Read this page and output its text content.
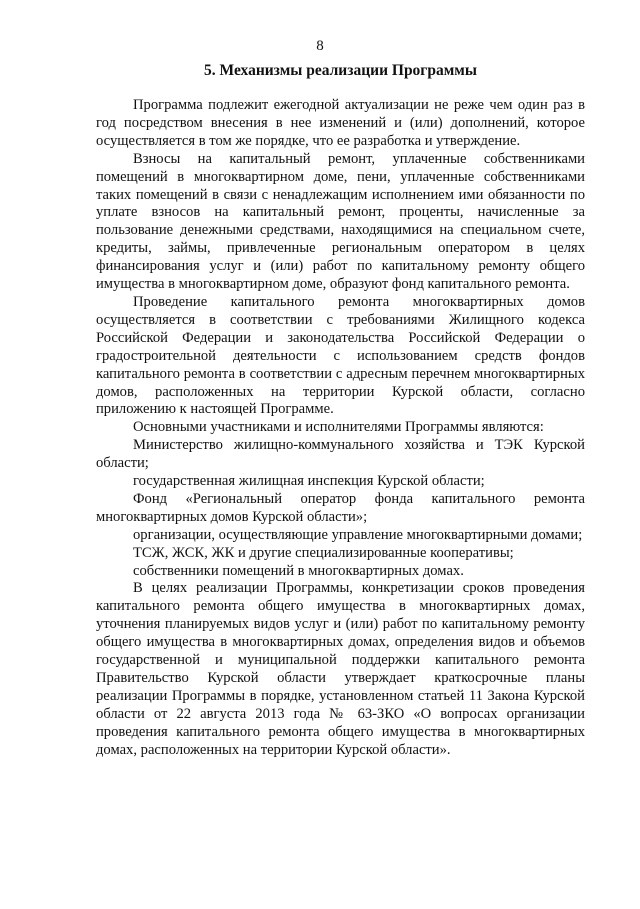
8
5. Механизмы реализации Программы

Программа подлежит ежегодной актуализации не реже чем один раз в год посредством внесения в нее изменений и (или) дополнений, которое осуществляется в том же порядке, что ее разработка и утверждение.

Взносы на капитальный ремонт, уплаченные собственниками помещений в многоквартирном доме, пени, уплаченные собственниками таких помещений в связи с ненадлежащим исполнением ими обязанности по уплате взносов на капитальный ремонт, проценты, начисленные за пользование денежными средствами, находящимися на специальном счете, кредиты, займы, привлеченные региональным оператором в целях финансирования услуг и (или) работ по капитальному ремонту общего имущества в многоквартирном доме, образуют фонд капитального ремонта.

Проведение капитального ремонта многоквартирных домов осуществляется в соответствии с требованиями Жилищного кодекса Российской Федерации и законодательства Российской Федерации о градостроительной деятельности с использованием средств фондов капитального ремонта в соответствии с адресным перечнем многоквартирных домов, расположенных на территории Курской области, согласно приложению к настоящей Программе.

Основными участниками и исполнителями Программы являются:

Министерство жилищно-коммунального хозяйства и ТЭК Курской области;

государственная жилищная инспекция Курской области;

Фонд «Региональный оператор фонда капитального ремонта многоквартирных домов Курской области»;

организации, осуществляющие управление многоквартирными домами;

ТСЖ, ЖСК, ЖК и другие специализированные кооперативы;

собственники помещений в многоквартирных домах.

В целях реализации Программы, конкретизации сроков проведения капитального ремонта общего имущества в многоквартирных домах, уточнения планируемых видов услуг и (или) работ по капитальному ремонту общего имущества в многоквартирных домах, определения видов и объемов государственной и муниципальной поддержки капитального ремонта Правительство Курской области утверждает краткосрочные планы реализации Программы в порядке, установленном статьей 11 Закона Курской области от 22 августа 2013 года № 63-ЗКО «О вопросах организации проведения капитального ремонта общего имущества в многоквартирных домах, расположенных на территории Курской области».
